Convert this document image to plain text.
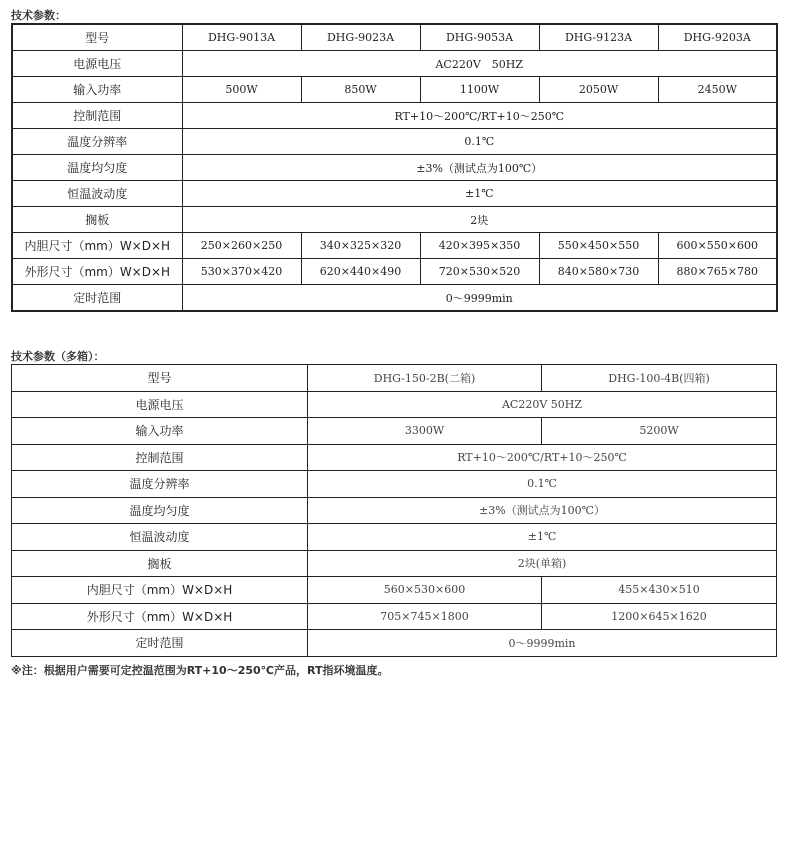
技术参数：
型号	DHG-9013A	DHG-9023A	DHG-9053A	DHG-9123A	DHG-9203A
电源电压	AC220V　50HZ				
输入功率	500W	850W	1100W	2050W	2450W
控制范围	RT+10～200℃/RT+10～250℃				
温度分辨率	0.1℃				
温度均匀度	±3%（测试点为100℃）				
恒温波动度	±1℃				
搁板	2块				
内胆尺寸（mm）W×D×H	250×260×250	340×325×320	420×395×350	550×450×550	600×550×600
外形尺寸（mm）W×D×H	530×370×420	620×440×490	720×530×520	840×580×730	880×765×780
定时范围	0～9999min				
技术参数（多箱）：
型号	DHG-150-2B(二箱)	DHG-100-4B(四箱)
电源电压	AC220V 50HZ	
输入功率	3300W	5200W
控制范围	RT+10～200℃/RT+10～250℃	
温度分辨率	0.1℃	
温度均匀度	±3%（测试点为100℃）	
恒温波动度	±1℃	
搁板	2块(单箱)	
内胆尺寸（mm）W×D×H	560×530×600	455×430×510
外形尺寸（mm）W×D×H	705×745×1800	1200×645×1620
定时范围	0～9999min	
※注：根据用户需要可定控温范围为RT+10～250℃产品，RT指环境温度。
